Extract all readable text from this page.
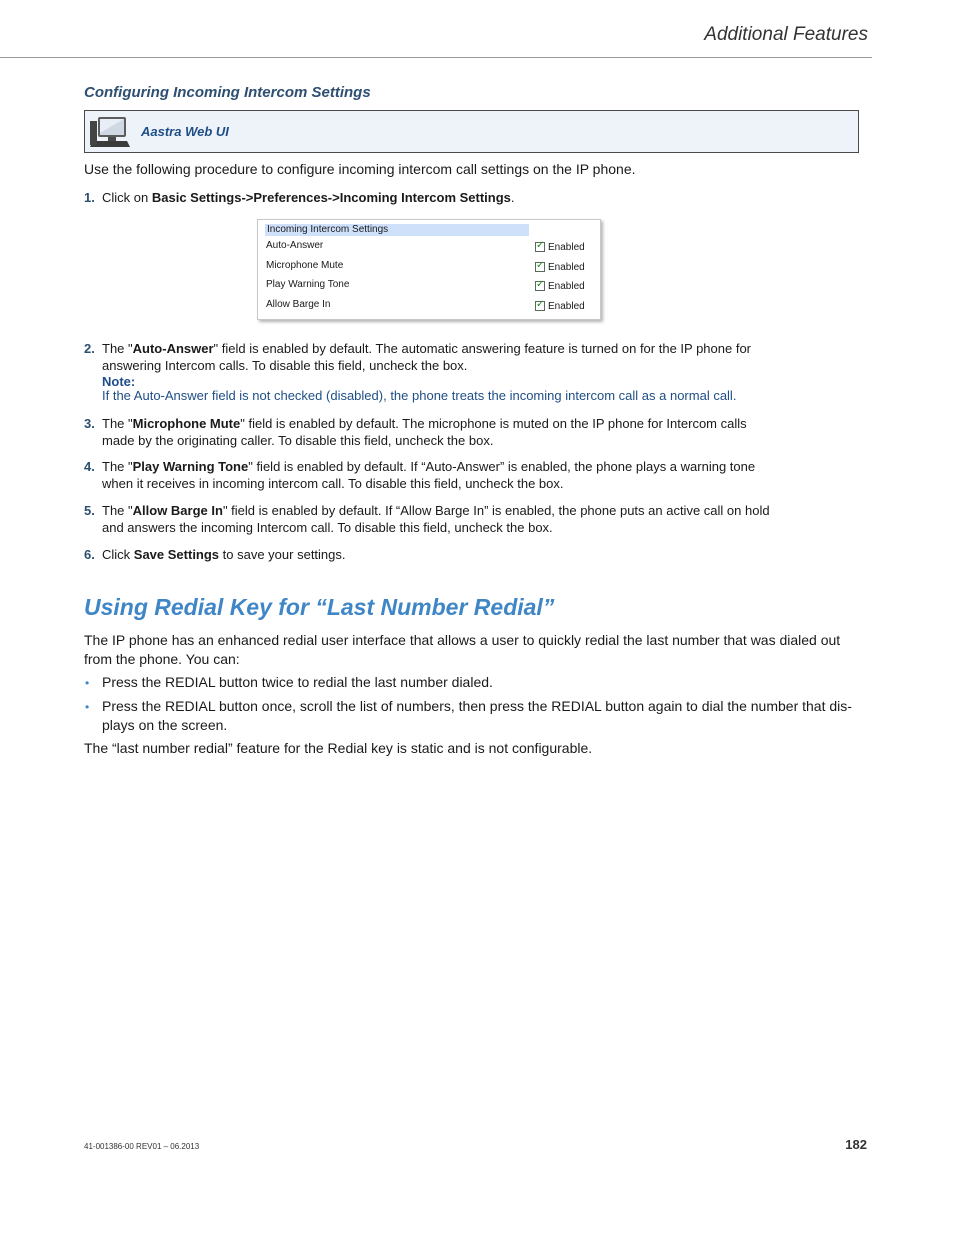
Additional Features
Configuring Incoming Intercom Settings
Aastra Web UI
Use the following procedure to configure incoming intercom call settings on the IP phone.
1. Click on Basic Settings->Preferences->Incoming Intercom Settings.
Incoming Intercom Settings
Auto-Answer	✓ Enabled
Microphone Mute	✓ Enabled
Play Warning Tone	✓ Enabled
Allow Barge In	✓ Enabled
2. The "Auto-Answer" field is enabled by default. The automatic answering feature is turned on for the IP phone for
answering Intercom calls. To disable this field, uncheck the box.
Note:
If the Auto-Answer field is not checked (disabled), the phone treats the incoming intercom call as a normal call.
3. The "Microphone Mute" field is enabled by default. The microphone is muted on the IP phone for Intercom calls
made by the originating caller. To disable this field, uncheck the box.
4. The "Play Warning Tone" field is enabled by default. If “Auto-Answer” is enabled, the phone plays a warning tone
when it receives in incoming intercom call. To disable this field, uncheck the box.
5. The "Allow Barge In" field is enabled by default. If “Allow Barge In” is enabled, the phone puts an active call on hold
and answers the incoming Intercom call. To disable this field, uncheck the box.
6. Click Save Settings to save your settings.
Using Redial Key for “Last Number Redial”
The IP phone has an enhanced redial user interface that allows a user to quickly redial the last number that was dialed out
from the phone. You can:
• Press the REDIAL button twice to redial the last number dialed.
• Press the REDIAL button once, scroll the list of numbers, then press the REDIAL button again to dial the number that dis-
plays on the screen.
The “last number redial” feature for the Redial key is static and is not configurable.
41-001386-00 REV01 – 06.2013	182
